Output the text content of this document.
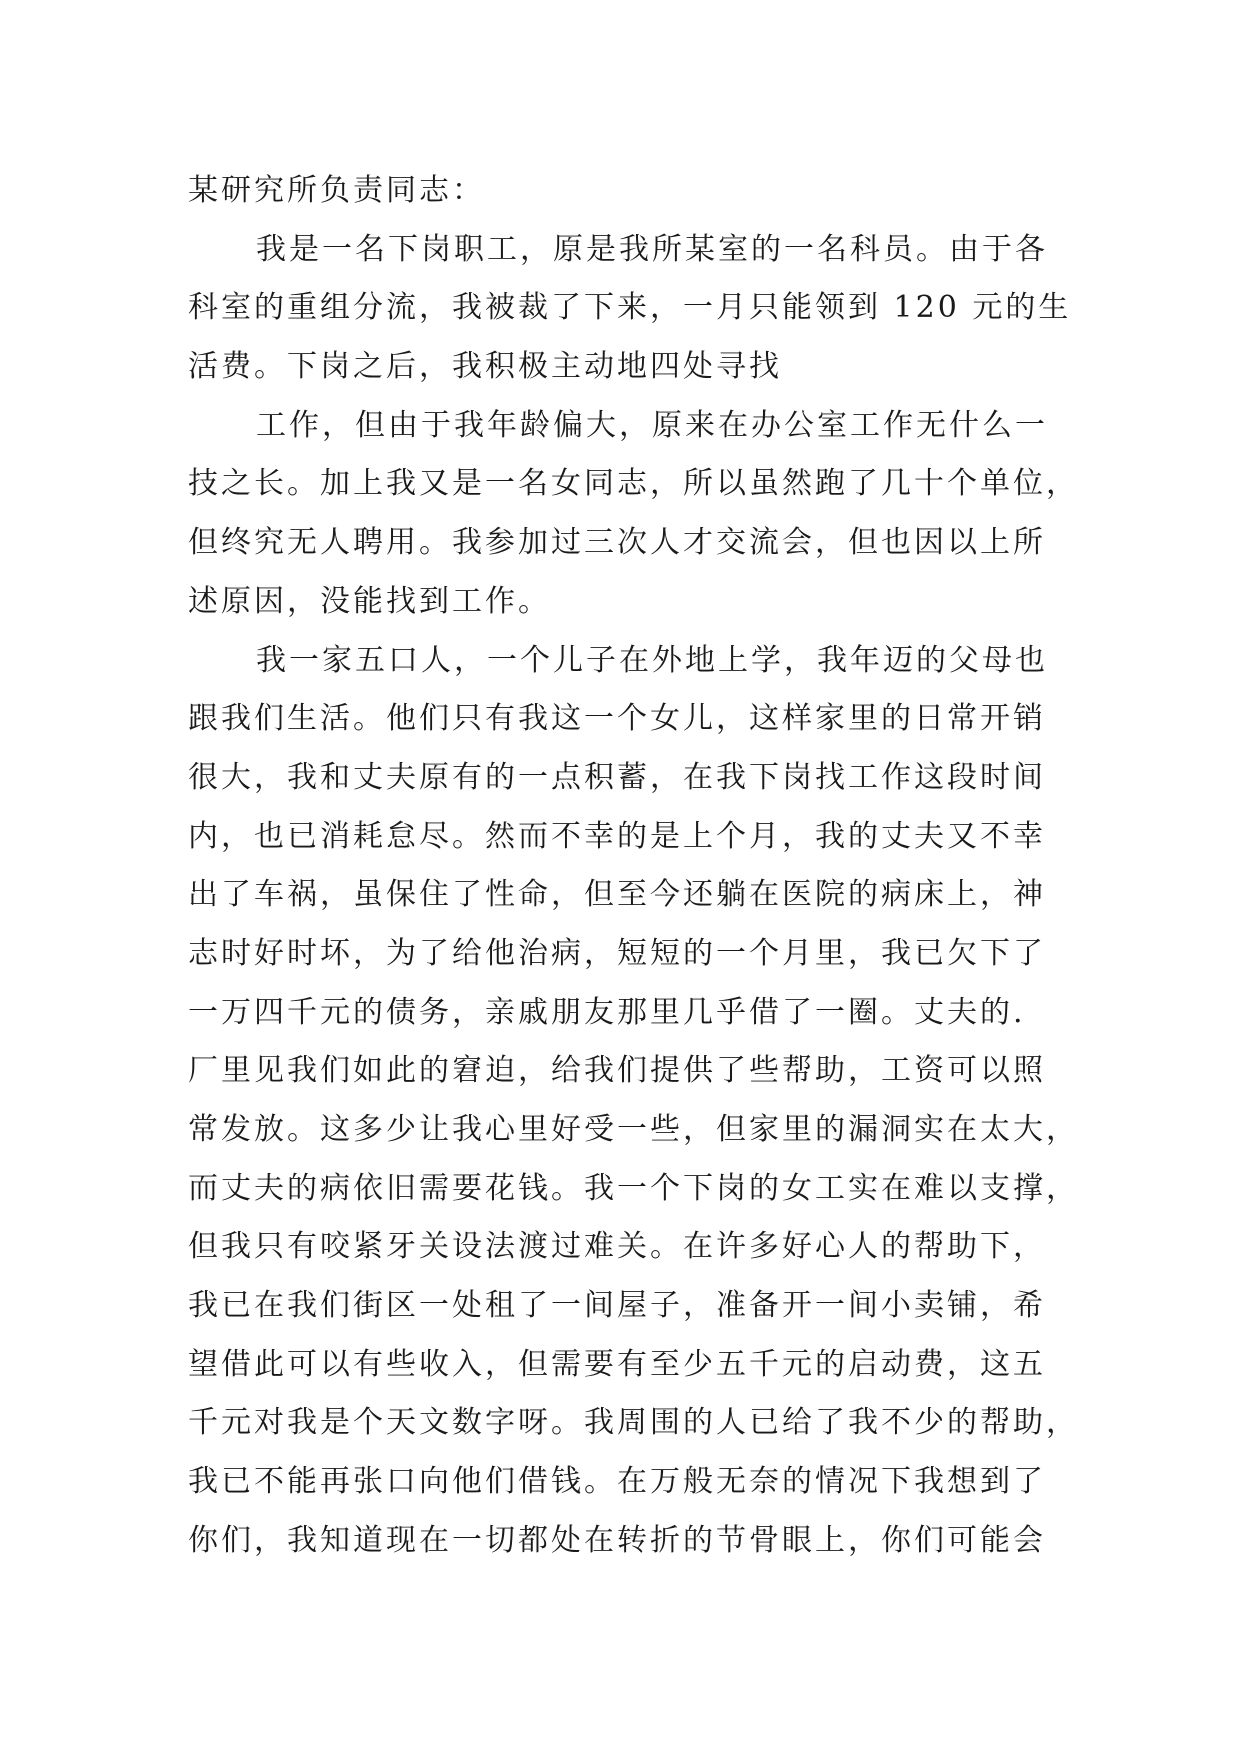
某研究所负责同志：
我是一名下岗职工，原是我所某室的一名科员。由于各
科室的重组分流，我被裁了下来，一月只能领到 120 元的生
活费。下岗之后，我积极主动地四处寻找
工作，但由于我年龄偏大，原来在办公室工作无什么一
技之长。加上我又是一名女同志，所以虽然跑了几十个单位，
但终究无人聘用。我参加过三次人才交流会，但也因以上所
述原因，没能找到工作。
我一家五口人，一个儿子在外地上学，我年迈的父母也
跟我们生活。他们只有我这一个女儿，这样家里的日常开销
很大，我和丈夫原有的一点积蓄，在我下岗找工作这段时间
内，也已消耗怠尽。然而不幸的是上个月，我的丈夫又不幸
出了车祸，虽保住了性命，但至今还躺在医院的病床上，神
志时好时坏，为了给他治病，短短的一个月里，我已欠下了
一万四千元的债务，亲戚朋友那里几乎借了一圈。丈夫的.
厂里见我们如此的窘迫，给我们提供了些帮助，工资可以照
常发放。这多少让我心里好受一些，但家里的漏洞实在太大，
而丈夫的病依旧需要花钱。我一个下岗的女工实在难以支撑，
但我只有咬紧牙关设法渡过难关。在许多好心人的帮助下，
我已在我们街区一处租了一间屋子，准备开一间小卖铺，希
望借此可以有些收入，但需要有至少五千元的启动费，这五
千元对我是个天文数字呀。我周围的人已给了我不少的帮助，
我已不能再张口向他们借钱。在万般无奈的情况下我想到了
你们，我知道现在一切都处在转折的节骨眼上，你们可能会
